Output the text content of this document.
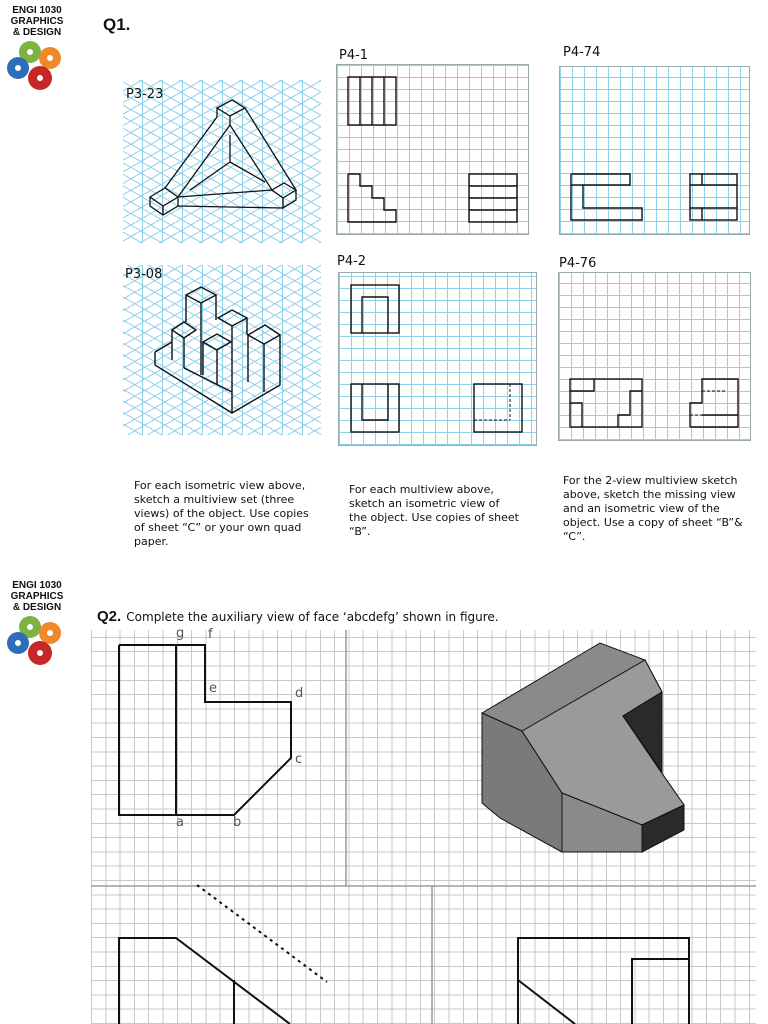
ENGI 1030
GRAPHICS
& DESIGN	Q1.
P3-23
P3-08
P4-1	P4-74
P4-2	P4-76
For each isometric view above, sketch a multiview set (three views) of the object. Use copies of sheet “C” or your own quad paper.
For each multiview above, sketch an isometric view of the object. Use copies of sheet “B”.
For the 2-view multiview sketch above, sketch the missing view and an isometric view of the object. Use a copy of sheet “B”& “C”.
ENGI 1030
GRAPHICS
& DESIGN
Q2. Complete the auxiliary view of face ‘abcdefg’ shown in figure.
g f
e	d
c
a	b
